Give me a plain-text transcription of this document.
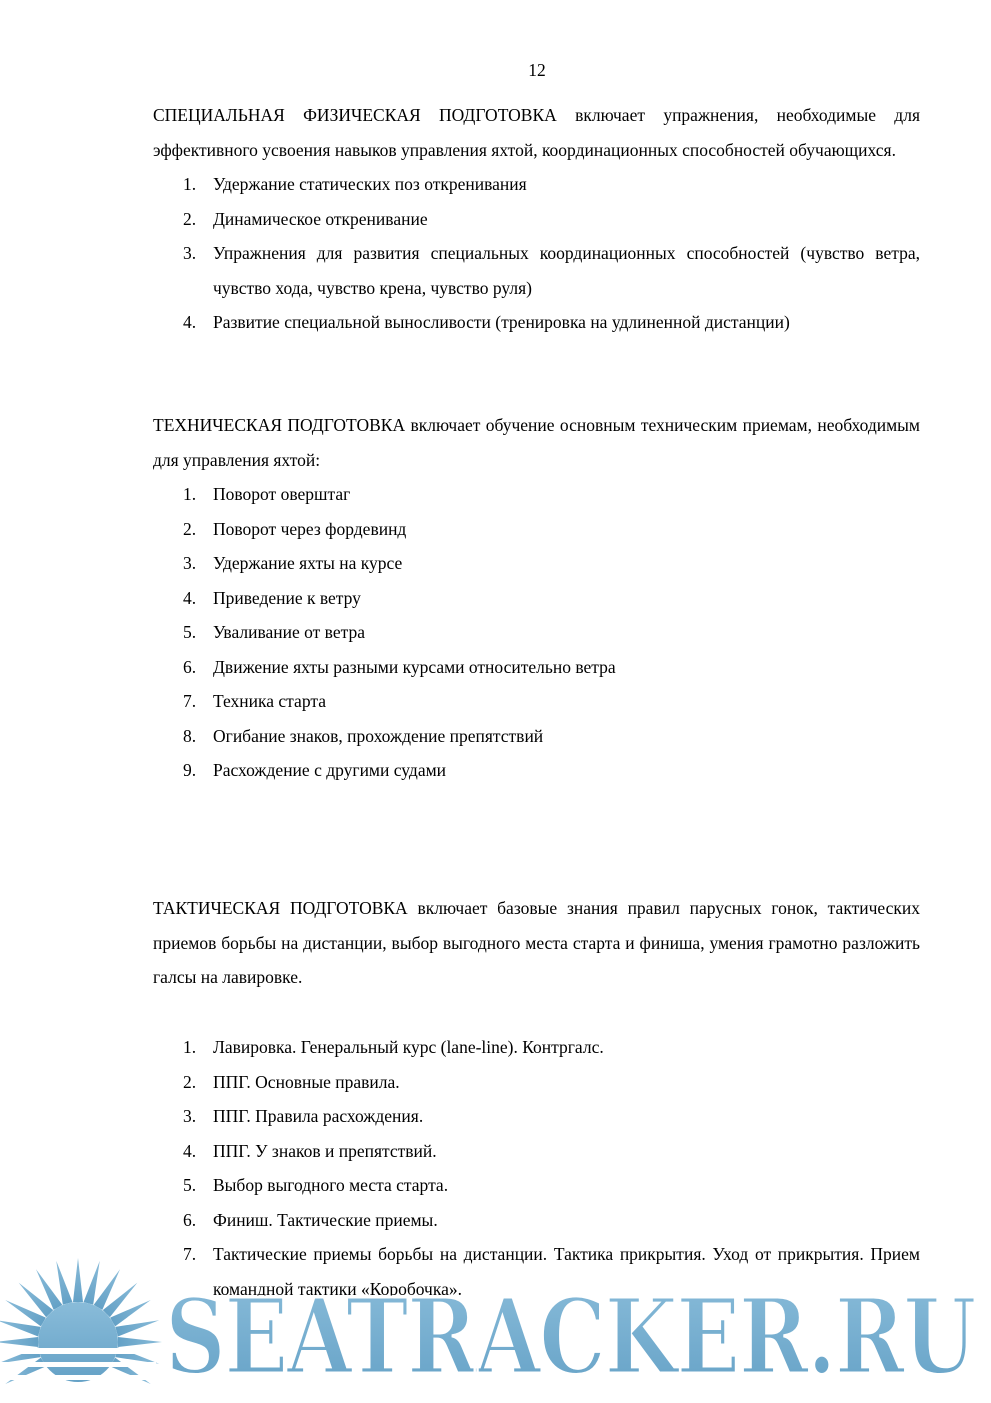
12

СПЕЦИАЛЬНАЯ ФИЗИЧЕСКАЯ ПОДГОТОВКА включает упражнения, необходимые для эффективного усвоения навыков управления яхтой, координационных способностей обучающихся.

1. Удержание статических поз откренивания
2. Динамическое откренивание
3. Упражнения для развития специальных координационных способностей (чувство ветра, чувство хода, чувство крена, чувство руля)
4. Развитие специальной выносливости (тренировка на удлиненной дистанции)

ТЕХНИЧЕСКАЯ ПОДГОТОВКА включает обучение основным техническим приемам, необходимым для управления яхтой:

1. Поворот оверштаг
2. Поворот через фордевинд
3. Удержание яхты на курсе
4. Приведение к ветру
5. Уваливание от ветра
6. Движение яхты разными курсами относительно ветра
7. Техника старта
8. Огибание знаков, прохождение препятствий
9. Расхождение с другими судами

ТАКТИЧЕСКАЯ ПОДГОТОВКА включает базовые знания правил парусных гонок, тактических приемов борьбы на дистанции, выбор выгодного места старта и финиша, умения грамотно разложить галсы на лавировке.

1. Лавировка. Генеральный курс (lane-line). Контргалс.
2. ППГ. Основные правила.
3. ППГ. Правила расхождения.
4. ППГ. У знаков и препятствий.
5. Выбор выгодного места старта.
6. Финиш. Тактические приемы.
7. Тактические приемы борьбы на дистанции. Тактика прикрытия. Уход от прикрытия. Прием командной тактики «Коробочка».
SEATRACKER.RU
